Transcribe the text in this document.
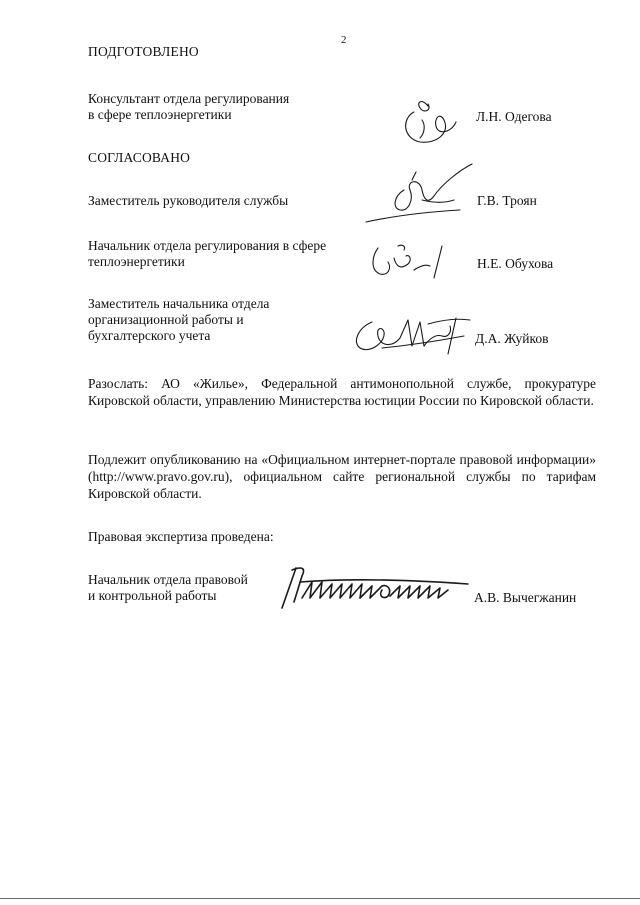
2
ПОДГОТОВЛЕНО
Консультант отдела регулирования
в сфере теплоэнергетики	Л.Н. Одегова
СОГЛАСОВАНО
Заместитель руководителя службы	Г.В. Троян
Начальник отдела регулирования в сфере
теплоэнергетики	Н.Е. Обухова
Заместитель начальника отдела
организационной работы и
бухгалтерского учета	Д.А. Жуйков
Разослать: АО «Жилье», Федеральной антимонопольной службе, прокуратуре Кировской области, управлению Министерства юстиции России по Кировской области.
Подлежит опубликованию на «Официальном интернет-портале правовой информации» (http://www.pravo.gov.ru), официальном сайте региональной службы по тарифам Кировской области.
Правовая экспертиза проведена:
Начальник отдела правовой
и контрольной работы	А.В. Вычегжанин
